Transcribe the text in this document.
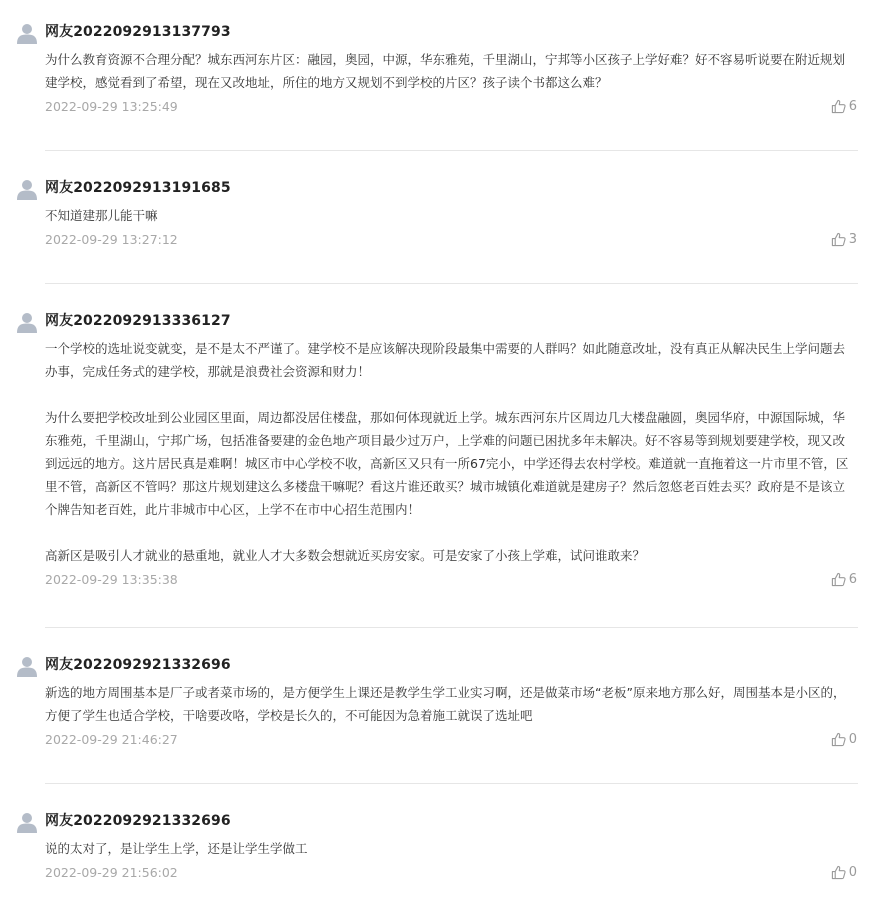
网友2022092913137793

为什么教育资源不合理分配？城东西河东片区：融园，奥园，中源，华东雅苑，千里湖山，宁邦等小区孩子上学好难？好不容易听说要在附近规划建学校，感觉看到了希望，现在又改地址，所住的地方又规划不到学校的片区？孩子读个书都这么难？

2022-09-29 13:25:49	6
网友2022092913191685

不知道建那儿能干嘛

2022-09-29 13:27:12	3
网友2022092913336127

一个学校的选址说变就变，是不是太不严谨了。建学校不是应该解决现阶段最集中需要的人群吗？如此随意改址，没有真正从解决民生上学问题去办事，完成任务式的建学校，那就是浪费社会资源和财力！

为什么要把学校改址到公业园区里面，周边都没居住楼盘，那如何体现就近上学。城东西河东片区周边几大楼盘融圆，奥园华府，中源国际城，华东雅苑，千里湖山，宁邦广场，包括准备要建的金色地产项目最少过万户，上学难的问题已困扰多年未解决。好不容易等到规划要建学校，现又改到远远的地方。这片居民真是难啊！城区市中心学校不收，高新区又只有一所67完小，中学还得去农村学校。难道就一直拖着这一片市里不管，区里不管，高新区不管吗？那这片规划建这么多楼盘干嘛呢？看这片谁还敢买？城市城镇化难道就是建房子？然后忽悠老百姓去买？政府是不是该立个牌告知老百姓，此片非城市中心区，上学不在市中心招生范围内！

高新区是吸引人才就业的悬重地，就业人才大多数会想就近买房安家。可是安家了小孩上学难，试问谁敢来？

2022-09-29 13:35:38	6
网友2022092921332696

新选的地方周围基本是厂子或者菜市场的，是方便学生上课还是教学生学工业实习啊，还是做菜市场“老板”原来地方那么好，周围基本是小区的，方便了学生也适合学校，干啥要改咯，学校是长久的，不可能因为急着施工就误了选址吧

2022-09-29 21:46:27	0
网友2022092921332696

说的太对了，是让学生上学，还是让学生学做工

2022-09-29 21:56:02	0
